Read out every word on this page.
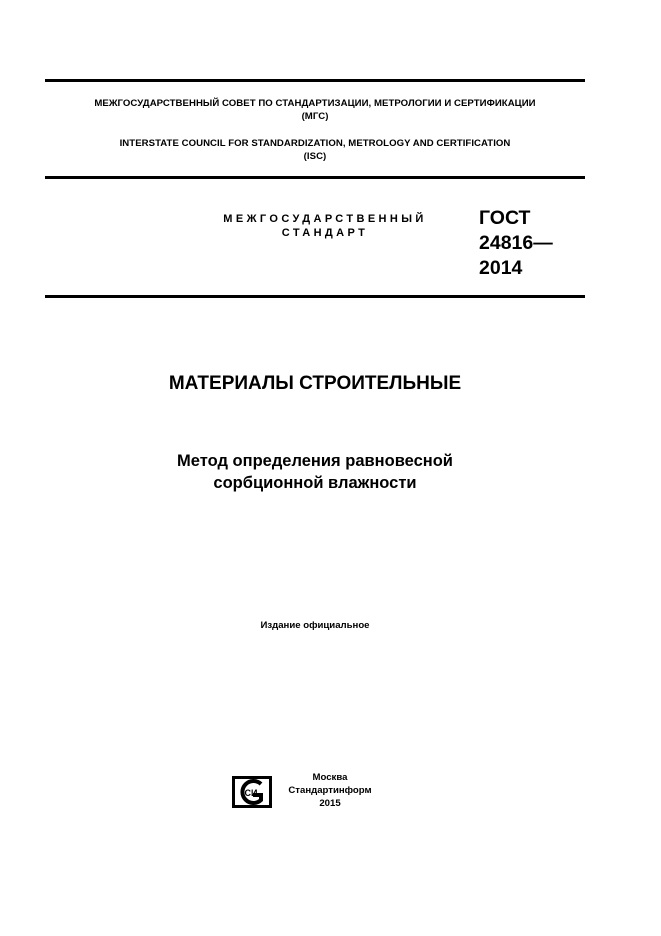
МЕЖГОСУДАРСТВЕННЫЙ СОВЕТ ПО СТАНДАРТИЗАЦИИ, МЕТРОЛОГИИ И СЕРТИФИКАЦИИ
(МГС)
INTERSTATE COUNCIL FOR STANDARDIZATION, METROLOGY AND CERTIFICATION
(ISC)
МЕЖГОСУДАРСТВЕННЫЙ
СТАНДАРТ
ГОСТ
24816—
2014
МАТЕРИАЛЫ СТРОИТЕЛЬНЫЕ
Метод определения равновесной
сорбционной влажности
Издание официальное
СИ
Москва
Стандартинформ
2015
